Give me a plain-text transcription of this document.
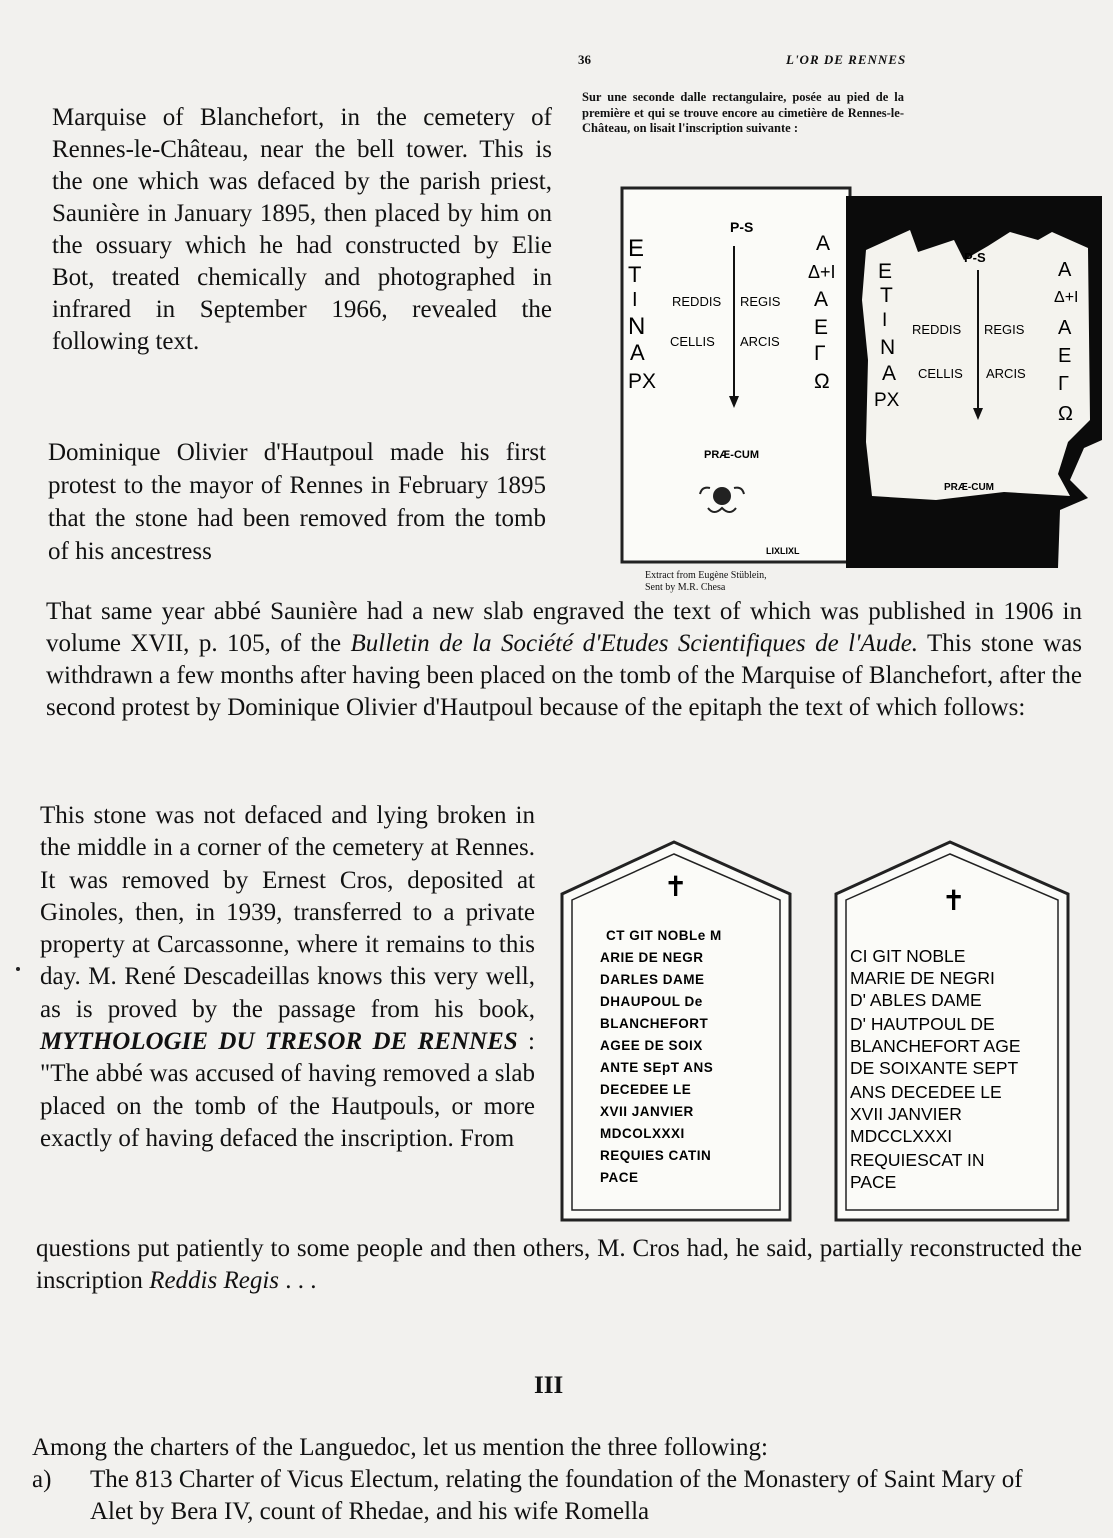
36	L'OR DE RENNES
Sur une seconde dalle rectangulaire, posée au pied de la première et qui se trouve encore au cimetière de Rennes-le-Château, on lisait l'inscription suivante :

Marquise of Blanchefort, in the cemetery of Rennes-le-Château, near the bell tower. This is the one which was defaced by the parish priest, Saunière in January 1895, then placed by him on the ossuary which he had constructed by Elie Bot, treated chemically and photographed in infrared in September 1966, revealed the following text.

Dominique Olivier d'Hautpoul made his first protest to the mayor of Rennes in February 1895 that the stone had been removed from the tomb of his ancestress

P-S
E
T
I
N
A
PX
A
Δ+I
A
E
Γ
Ω
REDDIS REGIS
CELLIS ARCIS
PRÆ-CUM
LIXLIXL
P-S
E
T
I
N
A
PX
A
Δ+I
A
E
Γ
Ω
REDDIS REGIS
CELLIS ARCIS
PRÆ-CUM
Extract from Eugène Stüblein,
Sent by M.R. Chesa

That same year abbé Saunière had a new slab engraved the text of which was published in 1906 in volume XVII, p. 105, of the Bulletin de la Société d'Etudes Scientifiques de l'Aude. This stone was withdrawn a few months after having been placed on the tomb of the Marquise of Blanchefort, after the second protest by Dominique Olivier d'Hautpoul because of the epitaph the text of which follows:

✝
CT GIT NOBLe M
ARIE DE NEGR
DARLES DAME
DHAUPOUL De
BLANCHEFORT
AGEE DE SOIX
ANTE SEpT ANS
DECEDEE LE
XVII JANVIER
MDCOLXXXI
REQUIES CATIN
PACE
✝
CI GIT NOBLE
MARIE DE NEGRI
D' ABLES DAME
D' HAUTPOUL DE
BLANCHEFORT AGE
DE SOIXANTE SEPT
ANS DECEDEE LE
XVII JANVIER
MDCCLXXXI
REQUIESCAT IN
PACE

This stone was not defaced and lying broken in the middle in a corner of the cemetery at Rennes. It was removed by Ernest Cros, deposited at Ginoles, then, in 1939, transferred to a private property at Carcassonne, where it remains to this day. M. René Descadeillas knows this very well, as is proved by the passage from his book, MYTHOLOGIE DU TRESOR DE RENNES : "The abbé was accused of having removed a slab placed on the tomb of the Hautpouls, or more exactly of having defaced the inscription. From

questions put patiently to some people and then others, M. Cros had, he said, partially reconstructed the inscription Reddis Regis . . .

III
Among the charters of the Languedoc, let us mention the three following:
a) The 813 Charter of Vicus Electum, relating the foundation of the Monastery of Saint Mary of Alet by Bera IV, count of Rhedae, and his wife Romella
